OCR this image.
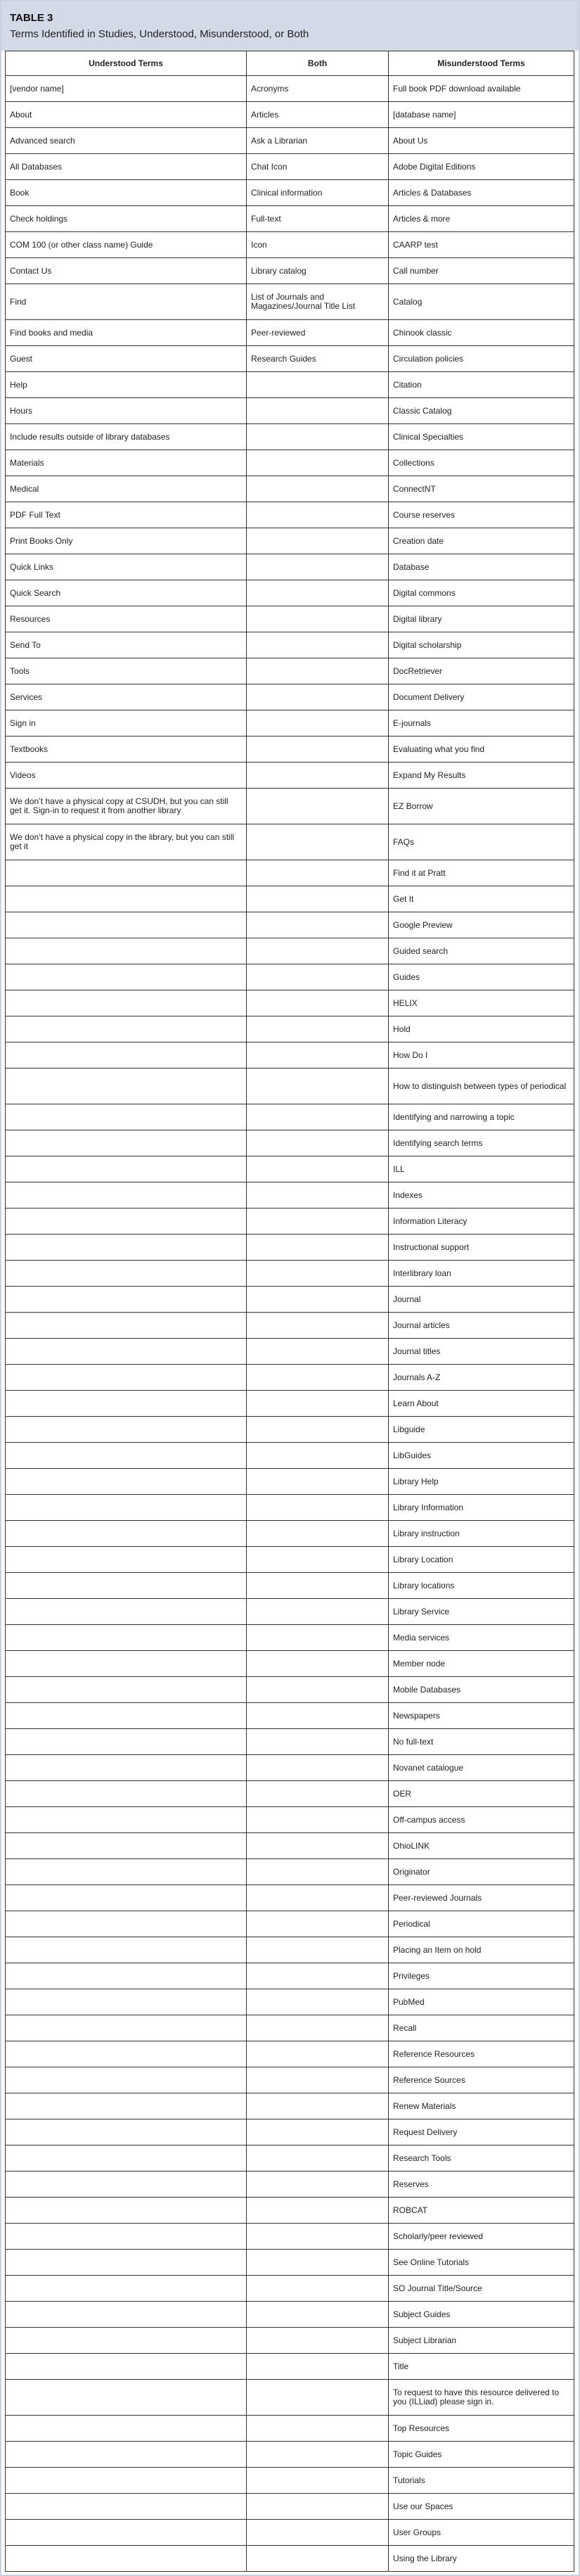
TABLE 3
Terms Identified in Studies, Understood, Misunderstood, or Both
Understood Terms	Both	Misunderstood Terms
[vendor name]	Acronyms	Full book PDF download available
About	Articles	[database name]
Advanced search	Ask a Librarian	About Us
All Databases	Chat Icon	Adobe Digital Editions
Book	Clinical information	Articles & Databases
Check holdings	Full-text	Articles & more
COM 100 (or other class name) Guide	Icon	CAARP test
Contact Us	Library catalog	Call number
Find	List of Journals and Magazines/Journal Title List	Catalog
Find books and media	Peer-reviewed	Chinook classic
Guest	Research Guides	Circulation policies
Help		Citation
Hours		Classic Catalog
Include results outside of library databases		Clinical Specialties
Materials		Collections
Medical		ConnectNT
PDF Full Text		Course reserves
Print Books Only		Creation date
Quick Links		Database
Quick Search		Digital commons
Resources		Digital library
Send To		Digital scholarship
Tools		DocRetriever
Services		Document Delivery
Sign in		E-journals
Textbooks		Evaluating what you find
Videos		Expand My Results
We don’t have a physical copy at CSUDH, but you can still get it. Sign-in to request it from another library		EZ Borrow
We don’t have a physical copy in the library, but you can still get it		FAQs
		Find it at Pratt
		Get It
		Google Preview
		Guided search
		Guides
		HELIX
		Hold
		How Do I
		How to distinguish between types of periodical
		Identifying and narrowing a topic
		Identifying search terms
		ILL
		Indexes
		Information Literacy
		Instructional support
		Interlibrary loan
		Journal
		Journal articles
		Journal titles
		Journals A-Z
		Learn About
		Libguide
		LibGuides
		Library Help
		Library Information
		Library instruction
		Library Location
		Library locations
		Library Service
		Media services
		Member node
		Mobile Databases
		Newspapers
		No full-text
		Novanet catalogue
		OER
		Off-campus access
		OhioLINK
		Originator
		Peer-reviewed Journals
		Periodical
		Placing an Item on hold
		Privileges
		PubMed
		Recall
		Reference Resources
		Reference Sources
		Renew Materials
		Request Delivery
		Research Tools
		Reserves
		ROBCAT
		Scholarly/peer reviewed
		See Online Tutorials
		SO Journal Title/Source
		Subject Guides
		Subject Librarian
		Title
		To request to have this resource delivered to you (ILLiad) please sign in.
		Top Resources
		Topic Guides
		Tutorials
		Use our Spaces
		User Groups
		Using the Library
